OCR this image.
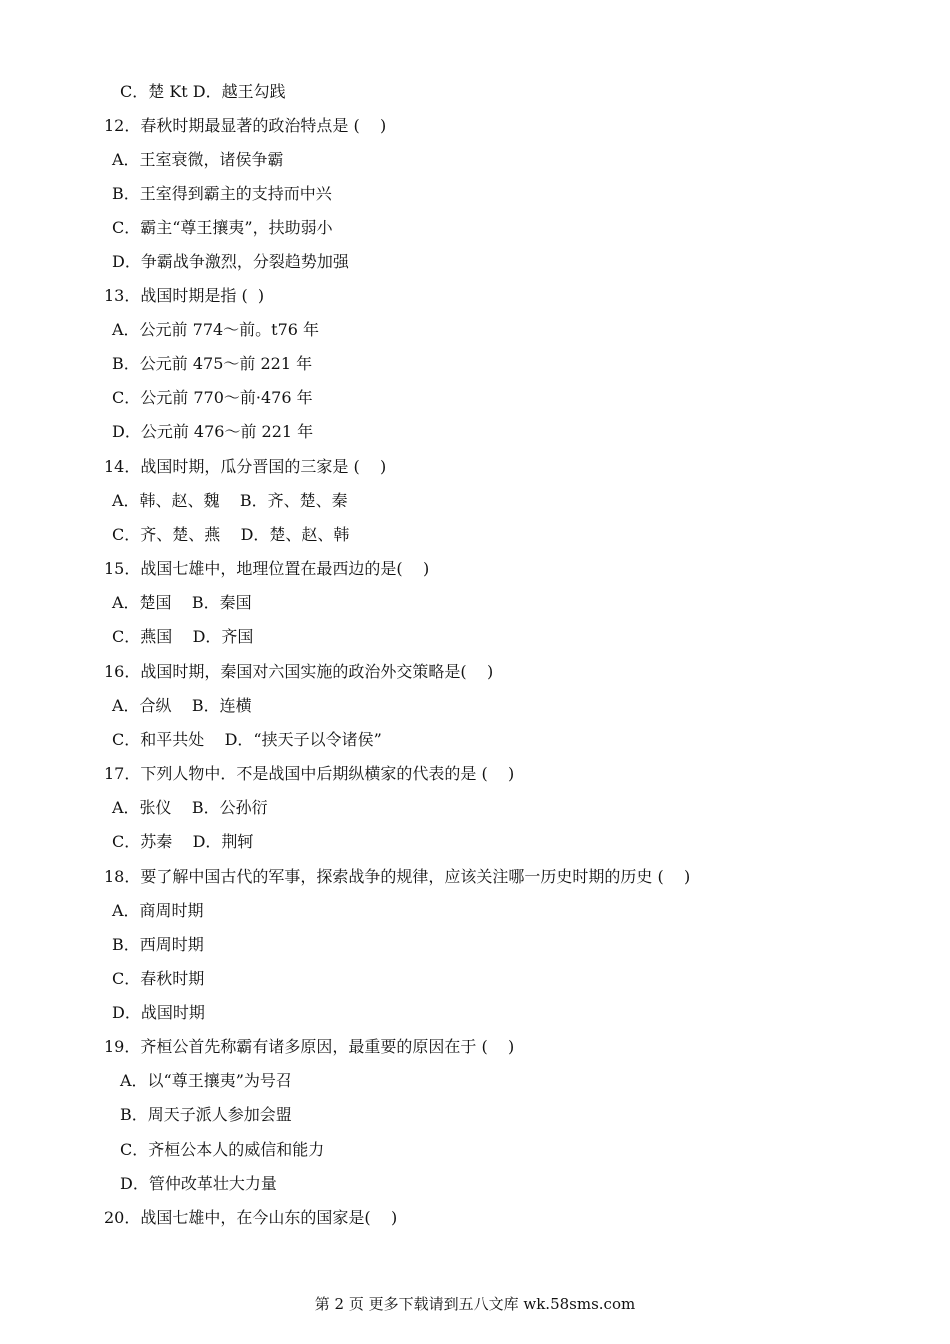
C．楚 Kt D．越王勾践
12．春秋时期最显著的政治特点是 (    )
A．王室衰微，诸侯争霸
B．王室得到霸主的支持而中兴
C．霸主“尊王攘夷”，扶助弱小
D．争霸战争激烈，分裂趋势加强
13．战国时期是指 (  )
A．公元前 774～前。t76 年
B．公元前 475～前 221 年
C．公元前 770～前·476 年
D．公元前 476～前 221 年
14．战国时期，瓜分晋国的三家是 (    )
A．韩、赵、魏    B．齐、楚、秦
C．齐、楚、燕    D．楚、赵、韩
15．战国七雄中，地理位置在最西边的是(    )
A．楚国    B．秦国
C．燕国    D．齐国
16．战国时期，秦国对六国实施的政治外交策略是(    )
A．合纵    B．连横
C．和平共处    D．“挟天子以令诸侯”
17．下列人物中．不是战国中后期纵横家的代表的是 (    )
A．张仪    B．公孙衍
C．苏秦    D．荆轲
18．要了解中国古代的军事，探索战争的规律，应该关注哪一历史时期的历史 (    )
A．商周时期
B．西周时期
C．春秋时期
D．战国时期
19．齐桓公首先称霸有诸多原因，最重要的原因在于 (    )
A．以“尊王攘夷”为号召
B．周天子派人参加会盟
C．齐桓公本人的威信和能力
D．管仲改革壮大力量
20．战国七雄中，在今山东的国家是(    )
第 2 页 更多下载请到五八文库 wk.58sms.com
